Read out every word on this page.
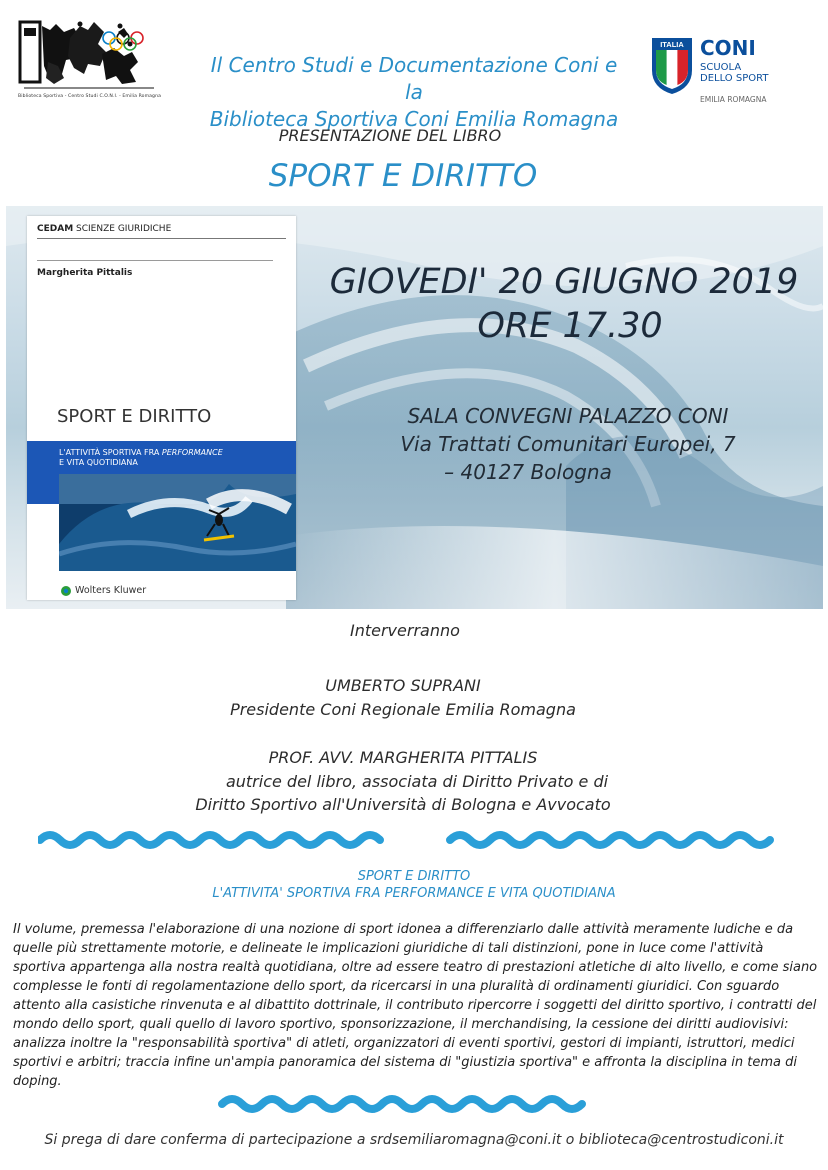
Biblioteca Sportiva - Centro Studi C.O.N.I. - Emilia Romagna
Il Centro Studi e Documentazione Coni e la
Biblioteca Sportiva Coni Emilia Romagna
ITALIA CONI
SCUOLA
DELLO SPORT
EMILIA ROMAGNA
PRESENTAZIONE DEL LIBRO
SPORT E DIRITTO
CEDAM SCIENZE GIURIDICHE
Margherita Pittalis
SPORT E DIRITTO
L'ATTIVITÀ SPORTIVA FRA PERFORMANCE
E VITA QUOTIDIANA
Wolters Kluwer
GIOVEDI' 20 GIUGNO 2019
ORE 17.30
SALA CONVEGNI PALAZZO CONI
Via Trattati Comunitari Europei, 7
– 40127 Bologna
Interverranno
UMBERTO SUPRANI
Presidente Coni Regionale Emilia Romagna
PROF. AVV. MARGHERITA PITTALIS
autrice del libro, associata di Diritto Privato e di
Diritto Sportivo all'Università di Bologna e Avvocato
SPORT E DIRITTO
L'ATTIVITA' SPORTIVA FRA PERFORMANCE E VITA QUOTIDIANA
Il volume, premessa l'elaborazione di una nozione di sport idonea a differenziarlo dalle attività meramente ludiche e da quelle più strettamente motorie, e delineate le implicazioni giuridiche di tali distinzioni, pone in luce come l'attività sportiva appartenga alla nostra realtà quotidiana, oltre ad essere teatro di prestazioni atletiche di alto livello, e come siano complesse le fonti di regolamentazione dello sport, da ricercarsi in una pluralità di ordinamenti giuridici. Con sguardo attento alla casistiche rinvenuta e al dibattito dottrinale, il contributo ripercorre i soggetti del diritto sportivo, i contratti del mondo dello sport, quali quello di lavoro sportivo, sponsorizzazione, il merchandising, la cessione dei diritti audiovisivi: analizza inoltre la "responsabilità sportiva" di atleti, organizzatori di eventi sportivi, gestori di impianti, istruttori, medici sportivi e arbitri; traccia infine un'ampia panoramica del sistema di "giustizia sportiva" e affronta la disciplina in tema di doping.
Si prega di dare conferma di partecipazione a srdsemiliaromagna@coni.it o biblioteca@centrostudiconi.it
